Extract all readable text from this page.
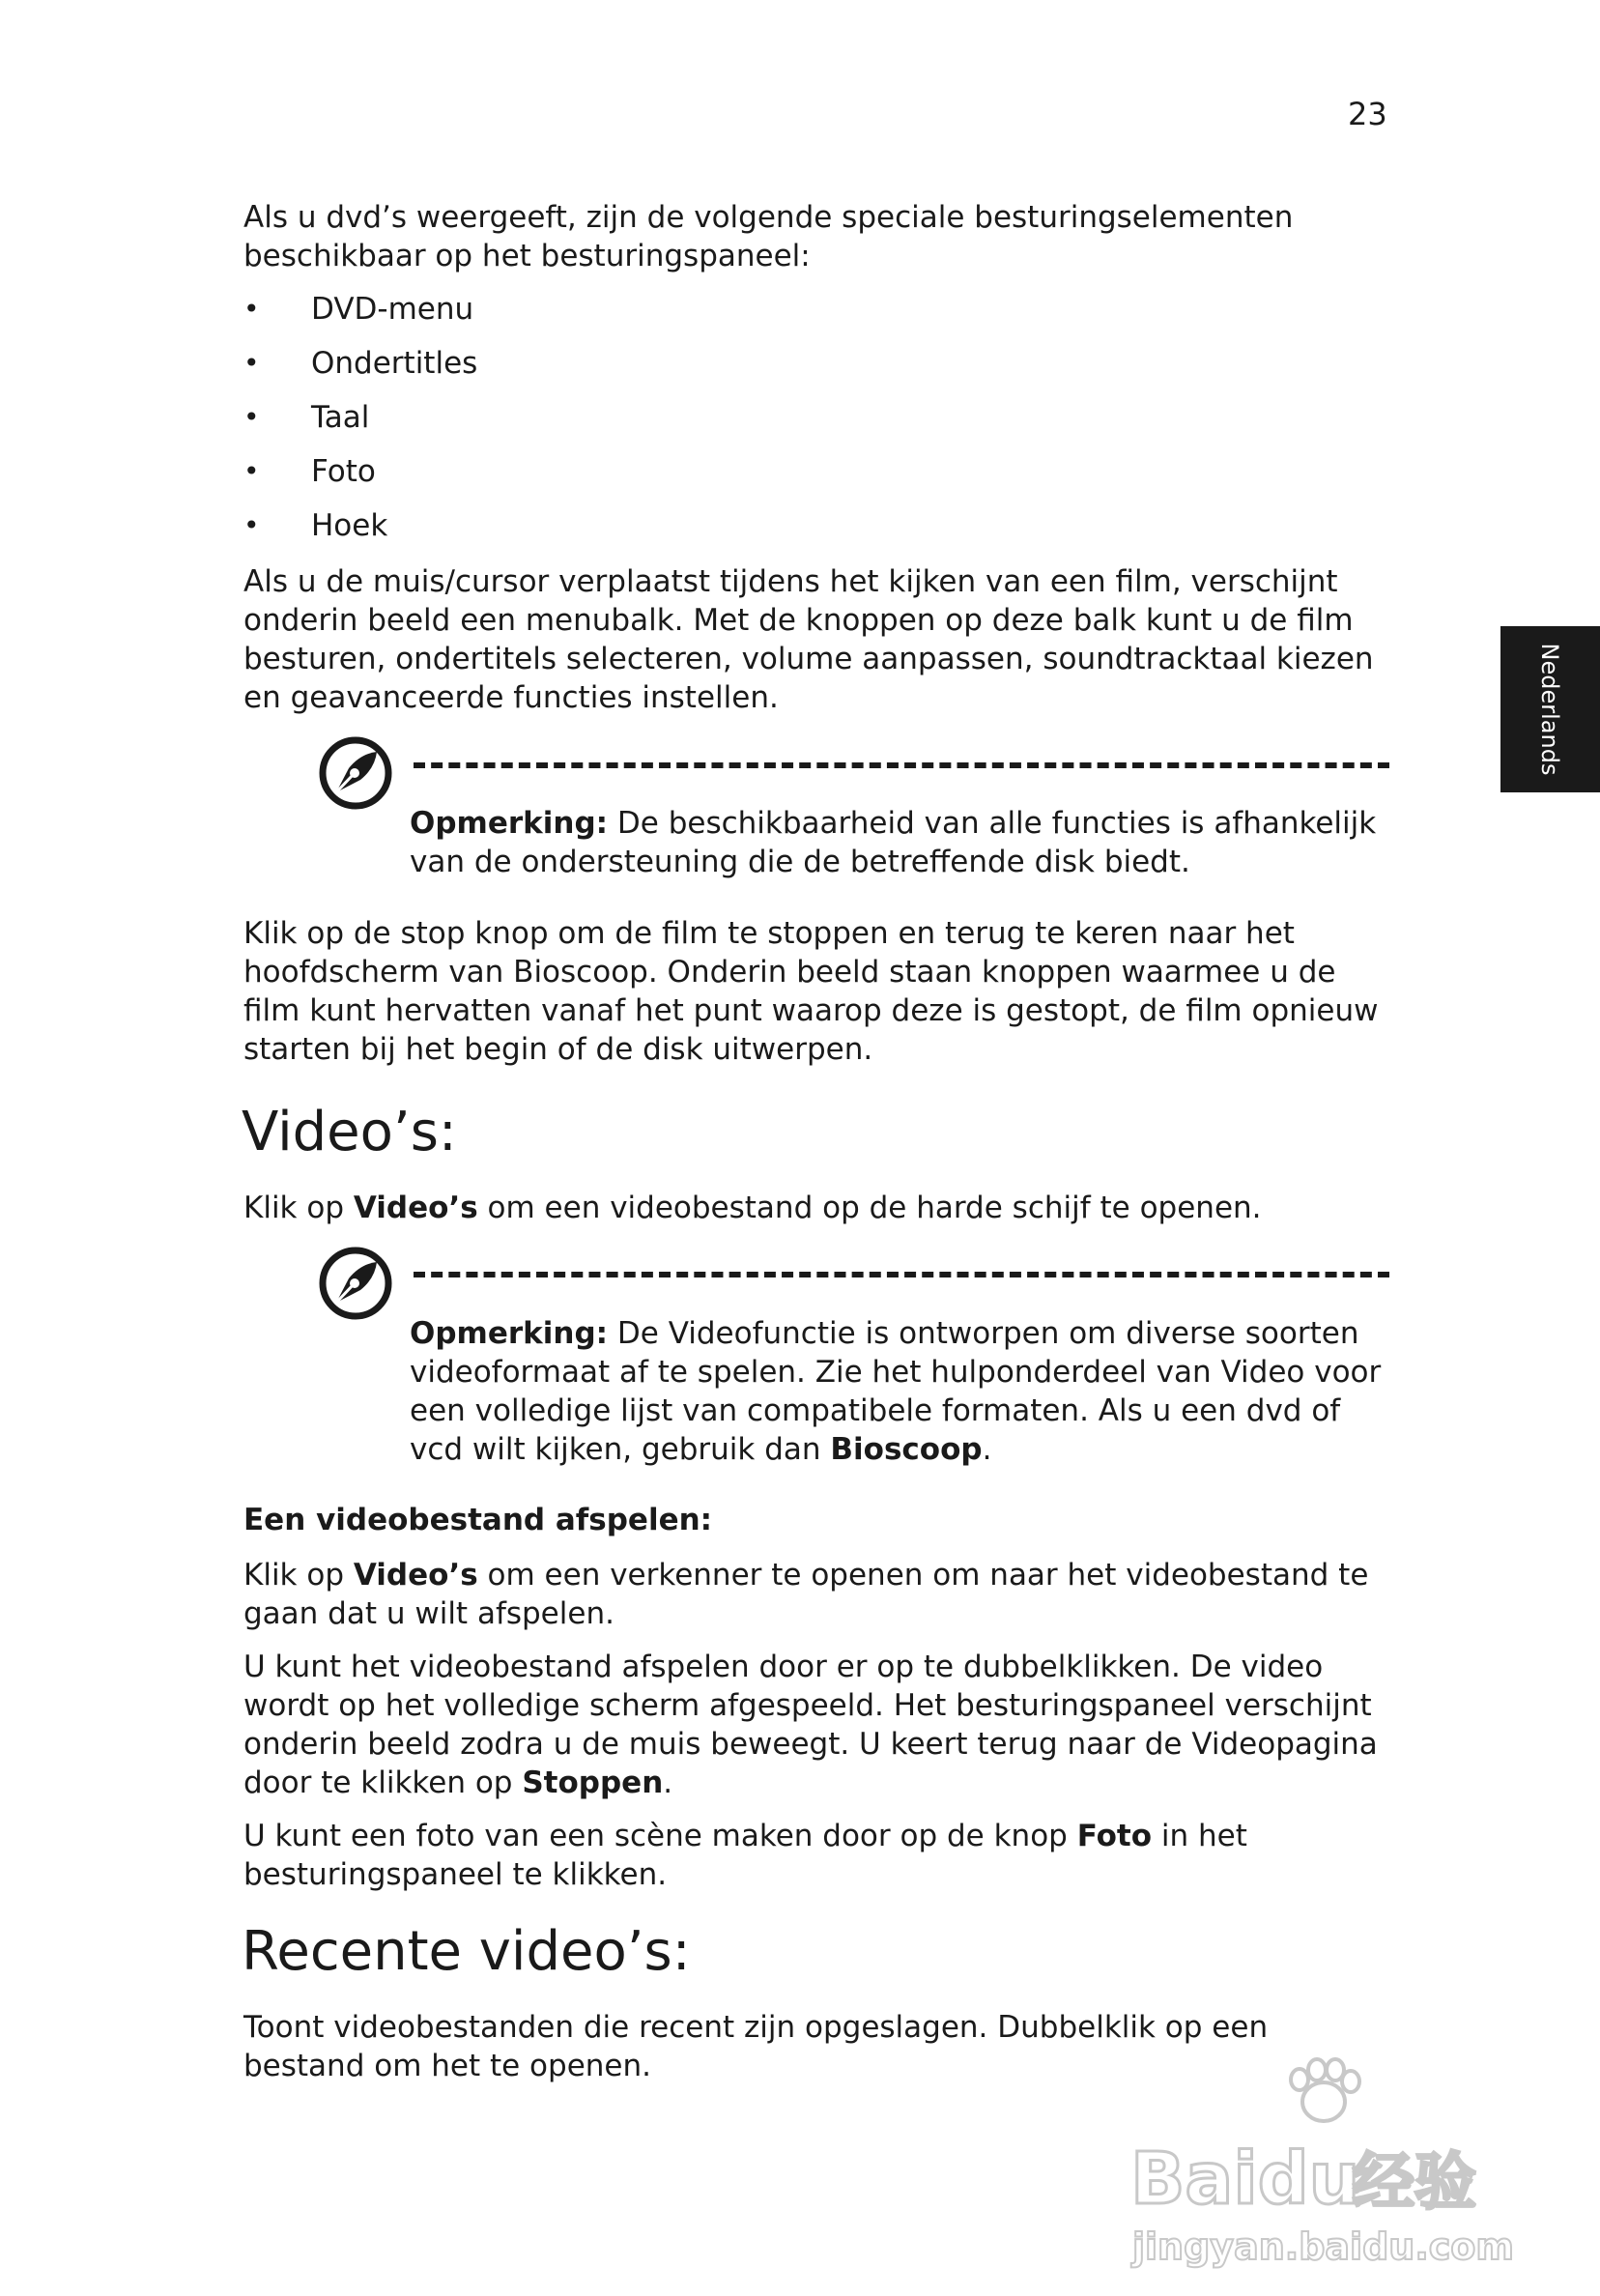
23
Nederlands

Als u dvd’s weergeeft, zijn de volgende speciale besturingselementen beschikbaar op het besturingspaneel:

• DVD-menu
• Ondertitles
• Taal
• Foto
• Hoek

Als u de muis/cursor verplaatst tijdens het kijken van een film, verschijnt onderin beeld een menubalk. Met de knoppen op deze balk kunt u de film besturen, ondertitels selecteren, volume aanpassen, soundtracktaal kiezen en geavanceerde functies instellen.

Opmerking: De beschikbaarheid van alle functies is afhankelijk van de ondersteuning die de betreffende disk biedt.

Klik op de stop knop om de film te stoppen en terug te keren naar het hoofdscherm van Bioscoop. Onderin beeld staan knoppen waarmee u de film kunt hervatten vanaf het punt waarop deze is gestopt, de film opnieuw starten bij het begin of de disk uitwerpen.

Video’s:

Klik op Video’s om een videobestand op de harde schijf te openen.

Opmerking: De Videofunctie is ontworpen om diverse soorten videoformaat af te spelen. Zie het hulponderdeel van Video voor een volledige lijst van compatibele formaten. Als u een dvd of vcd wilt kijken, gebruik dan Bioscoop.

Een videobestand afspelen:

Klik op Video’s om een verkenner te openen om naar het videobestand te gaan dat u wilt afspelen.

U kunt het videobestand afspelen door er op te dubbelklikken. De video wordt op het volledige scherm afgespeeld. Het besturingspaneel verschijnt onderin beeld zodra u de muis beweegt. U keert terug naar de Videopagina door te klikken op Stoppen.

U kunt een foto van een scène maken door op de knop Foto in het besturingspaneel te klikken.

Recente video’s:

Toont videobestanden die recent zijn opgeslagen. Dubbelklik op een bestand om het te openen.

Baidu
经验
jingyan.baidu.com
